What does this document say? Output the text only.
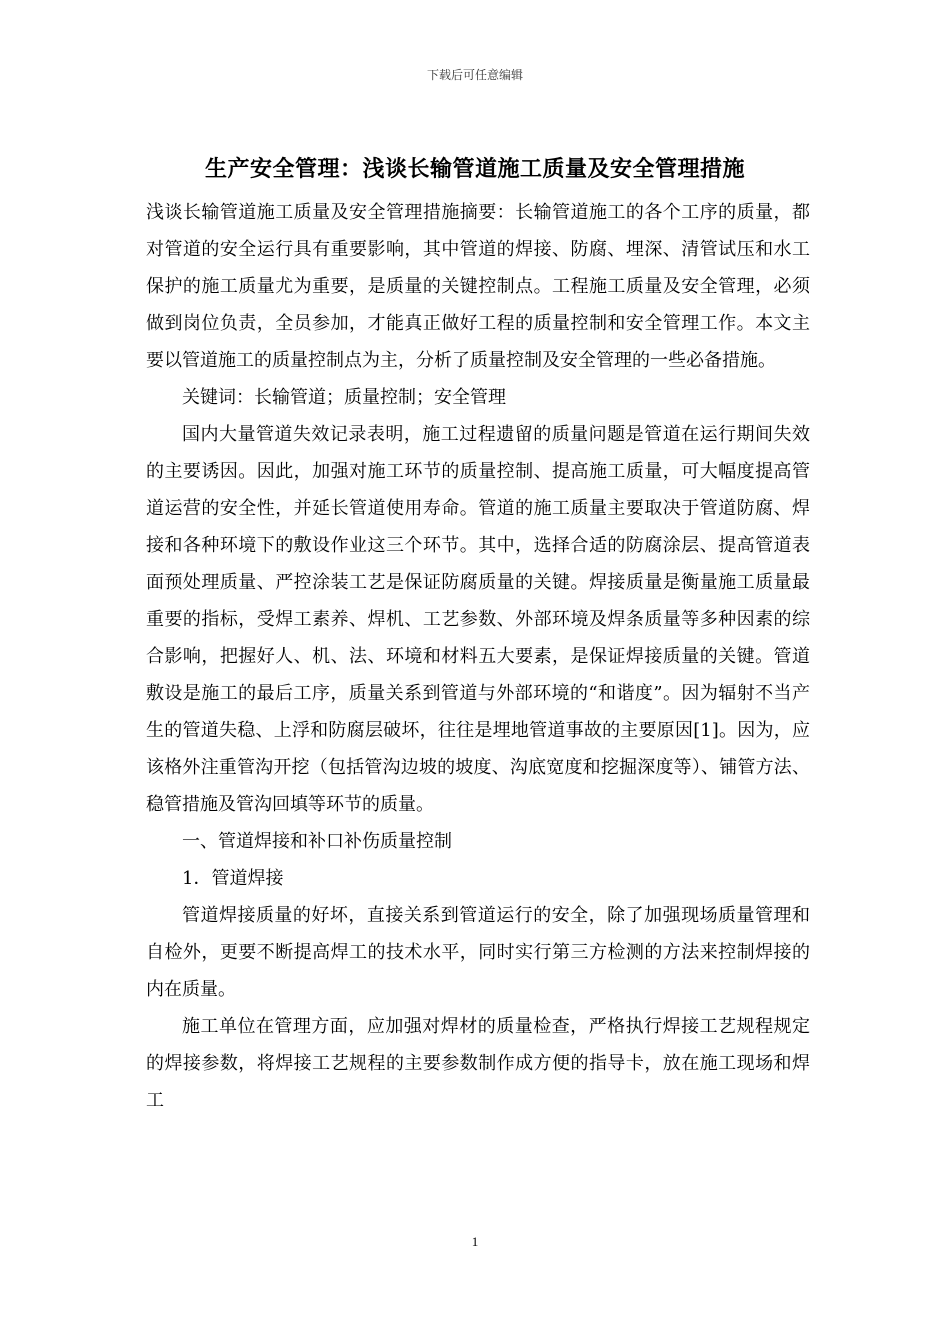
下载后可任意编辑
生产安全管理：浅谈长输管道施工质量及安全管理措施

浅谈长输管道施工质量及安全管理措施摘要：长输管道施工的各个工序的质量，都对管道的安全运行具有重要影响，其中管道的焊接、防腐、埋深、清管试压和水工保护的施工质量尤为重要，是质量的关键控制点。工程施工质量及安全管理，必须做到岗位负责，全员参加，才能真正做好工程的质量控制和安全管理工作。本文主要以管道施工的质量控制点为主，分析了质量控制及安全管理的一些必备措施。

关键词：长输管道；质量控制；安全管理

国内大量管道失效记录表明，施工过程遗留的质量问题是管道在运行期间失效的主要诱因。因此，加强对施工环节的质量控制、提高施工质量，可大幅度提高管道运营的安全性，并延长管道使用寿命。管道的施工质量主要取决于管道防腐、焊接和各种环境下的敷设作业这三个环节。其中，选择合适的防腐涂层、提高管道表面预处理质量、严控涂装工艺是保证防腐质量的关键。焊接质量是衡量施工质量最重要的指标，受焊工素养、焊机、工艺参数、外部环境及焊条质量等多种因素的综合影响，把握好人、机、法、环境和材料五大要素，是保证焊接质量的关键。管道敷设是施工的最后工序，质量关系到管道与外部环境的“和谐度”。因为辐射不当产生的管道失稳、上浮和防腐层破坏，往往是埋地管道事故的主要原因[1]。因为，应该格外注重管沟开挖（包括管沟边坡的坡度、沟底宽度和挖掘深度等）、铺管方法、稳管措施及管沟回填等环节的质量。

一、管道焊接和补口补伤质量控制

1．管道焊接

管道焊接质量的好坏，直接关系到管道运行的安全，除了加强现场质量管理和自检外，更要不断提高焊工的技术水平，同时实行第三方检测的方法来控制焊接的内在质量。

施工单位在管理方面，应加强对焊材的质量检查，严格执行焊接工艺规程规定的焊接参数，将焊接工艺规程的主要参数制作成方便的指导卡，放在施工现场和焊工

1
